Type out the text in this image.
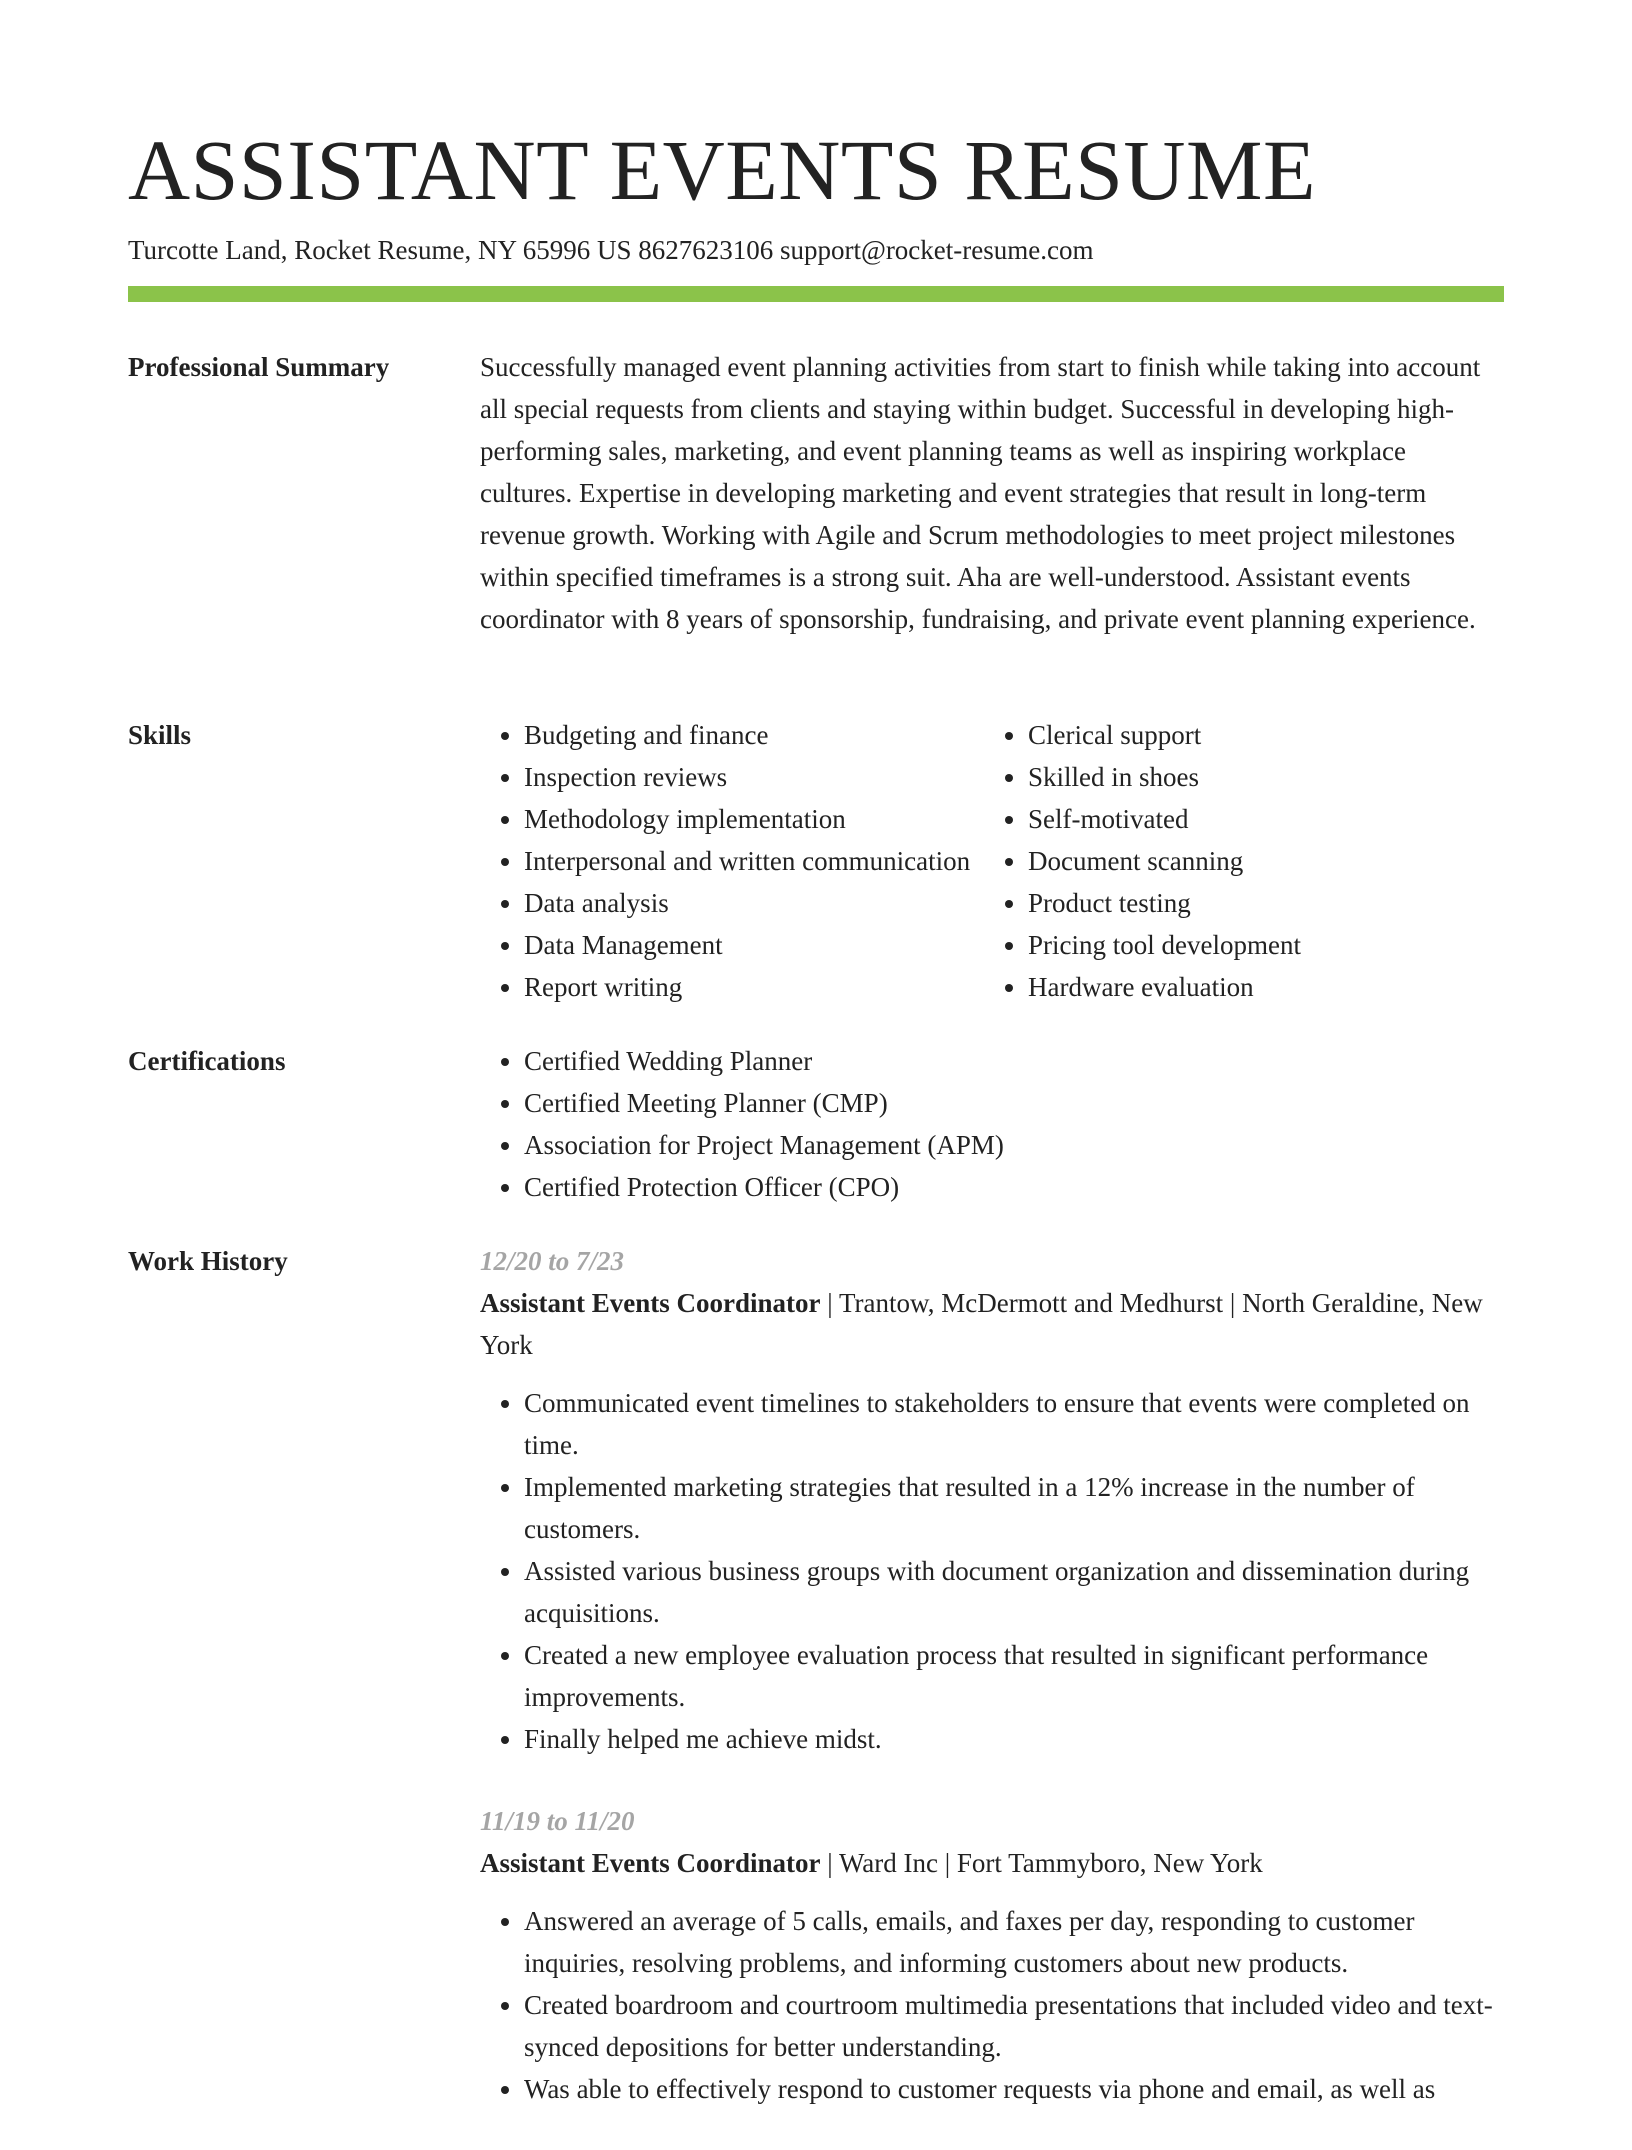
ASSISTANT EVENTS RESUME
Turcotte Land, Rocket Resume, NY 65996 US 8627623106 support@rocket-resume.com
Professional Summary	Successfully managed event planning activities from start to finish while taking into account all special requests from clients and staying within budget. Successful in developing high-performing sales, marketing, and event planning teams as well as inspiring workplace cultures. Expertise in developing marketing and event strategies that result in long-term revenue growth. Working with Agile and Scrum methodologies to meet project milestones within specified timeframes is a strong suit. Aha are well-understood. Assistant events coordinator with 8 years of sponsorship, fundraising, and private event planning experience.

Skills	• Budgeting and finance
• Inspection reviews
• Methodology implementation
• Interpersonal and written communication
• Data analysis
• Data Management
• Report writing
• Clerical support
• Skilled in shoes
• Self-motivated
• Document scanning
• Product testing
• Pricing tool development
• Hardware evaluation
Certifications	• Certified Wedding Planner
• Certified Meeting Planner (CMP)
• Association for Project Management (APM)
• Certified Protection Officer (CPO)
Work History	12/20 to 7/23
Assistant Events Coordinator | Trantow, McDermott and Medhurst | North Geraldine, New York
• Communicated event timelines to stakeholders to ensure that events were completed on time.
• Implemented marketing strategies that resulted in a 12% increase in the number of customers.
• Assisted various business groups with document organization and dissemination during acquisitions.
• Created a new employee evaluation process that resulted in significant performance improvements.
• Finally helped me achieve midst.
11/19 to 11/20
Assistant Events Coordinator | Ward Inc | Fort Tammyboro, New York
• Answered an average of 5 calls, emails, and faxes per day, responding to customer inquiries, resolving problems, and informing customers about new products.
• Created boardroom and courtroom multimedia presentations that included video and text-synced depositions for better understanding.
• Was able to effectively respond to customer requests via phone and email, as well as
